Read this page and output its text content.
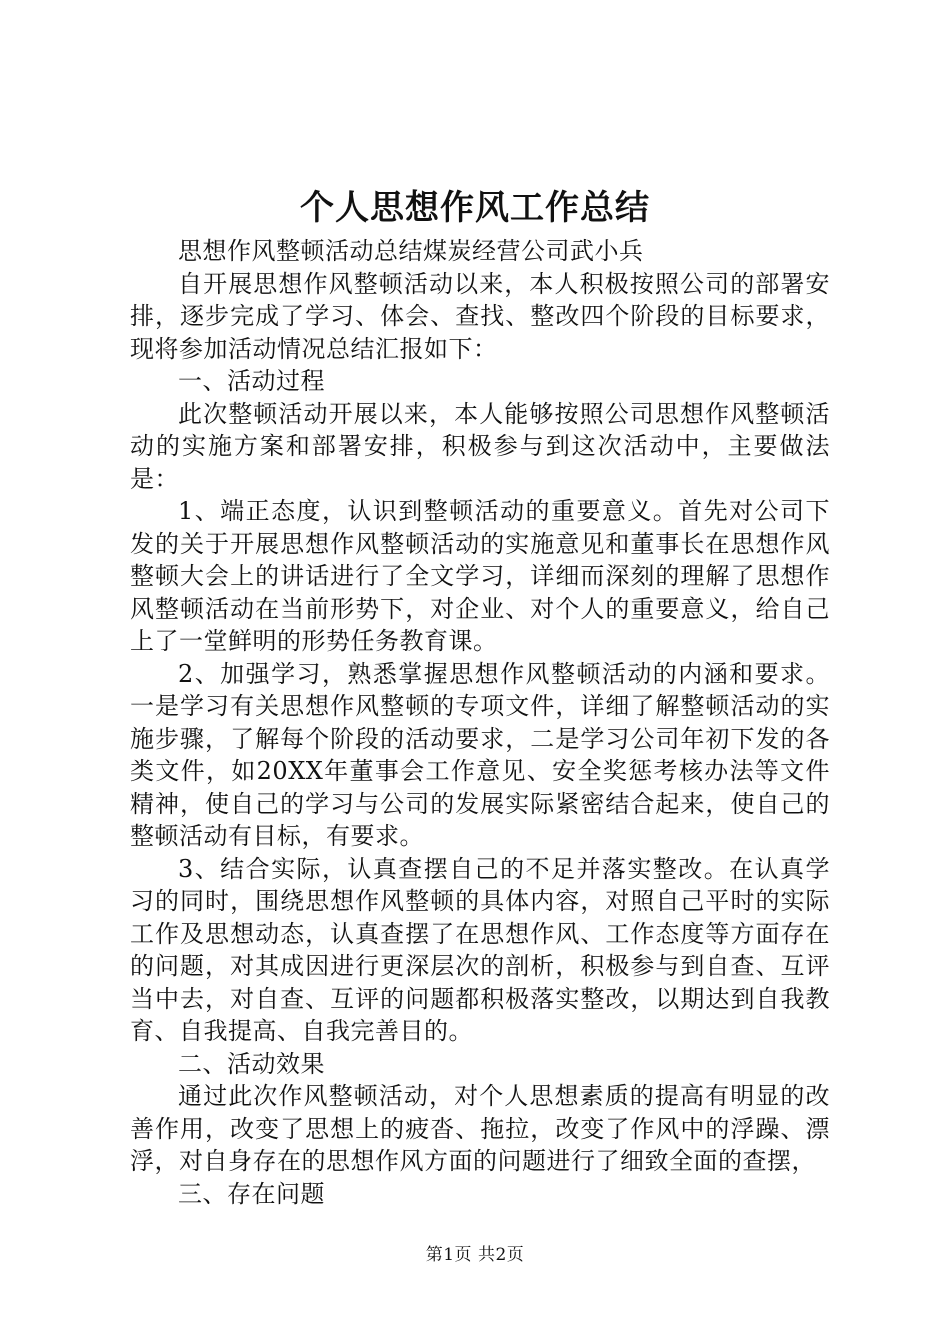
个人思想作风工作总结

思想作风整顿活动总结煤炭经营公司武小兵

自开展思想作风整顿活动以来，本人积极按照公司的部署安排，逐步完成了学习、体会、查找、整改四个阶段的目标要求，现将参加活动情况总结汇报如下：

一、活动过程

此次整顿活动开展以来，本人能够按照公司思想作风整顿活动的实施方案和部署安排，积极参与到这次活动中，主要做法是：

1、端正态度，认识到整顿活动的重要意义。首先对公司下发的关于开展思想作风整顿活动的实施意见和董事长在思想作风整顿大会上的讲话进行了全文学习，详细而深刻的理解了思想作风整顿活动在当前形势下，对企业、对个人的重要意义，给自己上了一堂鲜明的形势任务教育课。

2、加强学习，熟悉掌握思想作风整顿活动的内涵和要求。一是学习有关思想作风整顿的专项文件，详细了解整顿活动的实施步骤，了解每个阶段的活动要求，二是学习公司年初下发的各类文件，如20XX年董事会工作意见、安全奖惩考核办法等文件精神，使自己的学习与公司的发展实际紧密结合起来，使自己的整顿活动有目标，有要求。

3、结合实际，认真查摆自己的不足并落实整改。在认真学习的同时，围绕思想作风整顿的具体内容，对照自己平时的实际工作及思想动态，认真查摆了在思想作风、工作态度等方面存在的问题，对其成因进行更深层次的剖析，积极参与到自查、互评当中去，对自查、互评的问题都积极落实整改，以期达到自我教育、自我提高、自我完善目的。

二、活动效果

通过此次作风整顿活动，对个人思想素质的提高有明显的改善作用，改变了思想上的疲沓、拖拉，改变了作风中的浮躁、漂浮，对自身存在的思想作风方面的问题进行了细致全面的查摆，

三、存在问题

第1页 共2页
